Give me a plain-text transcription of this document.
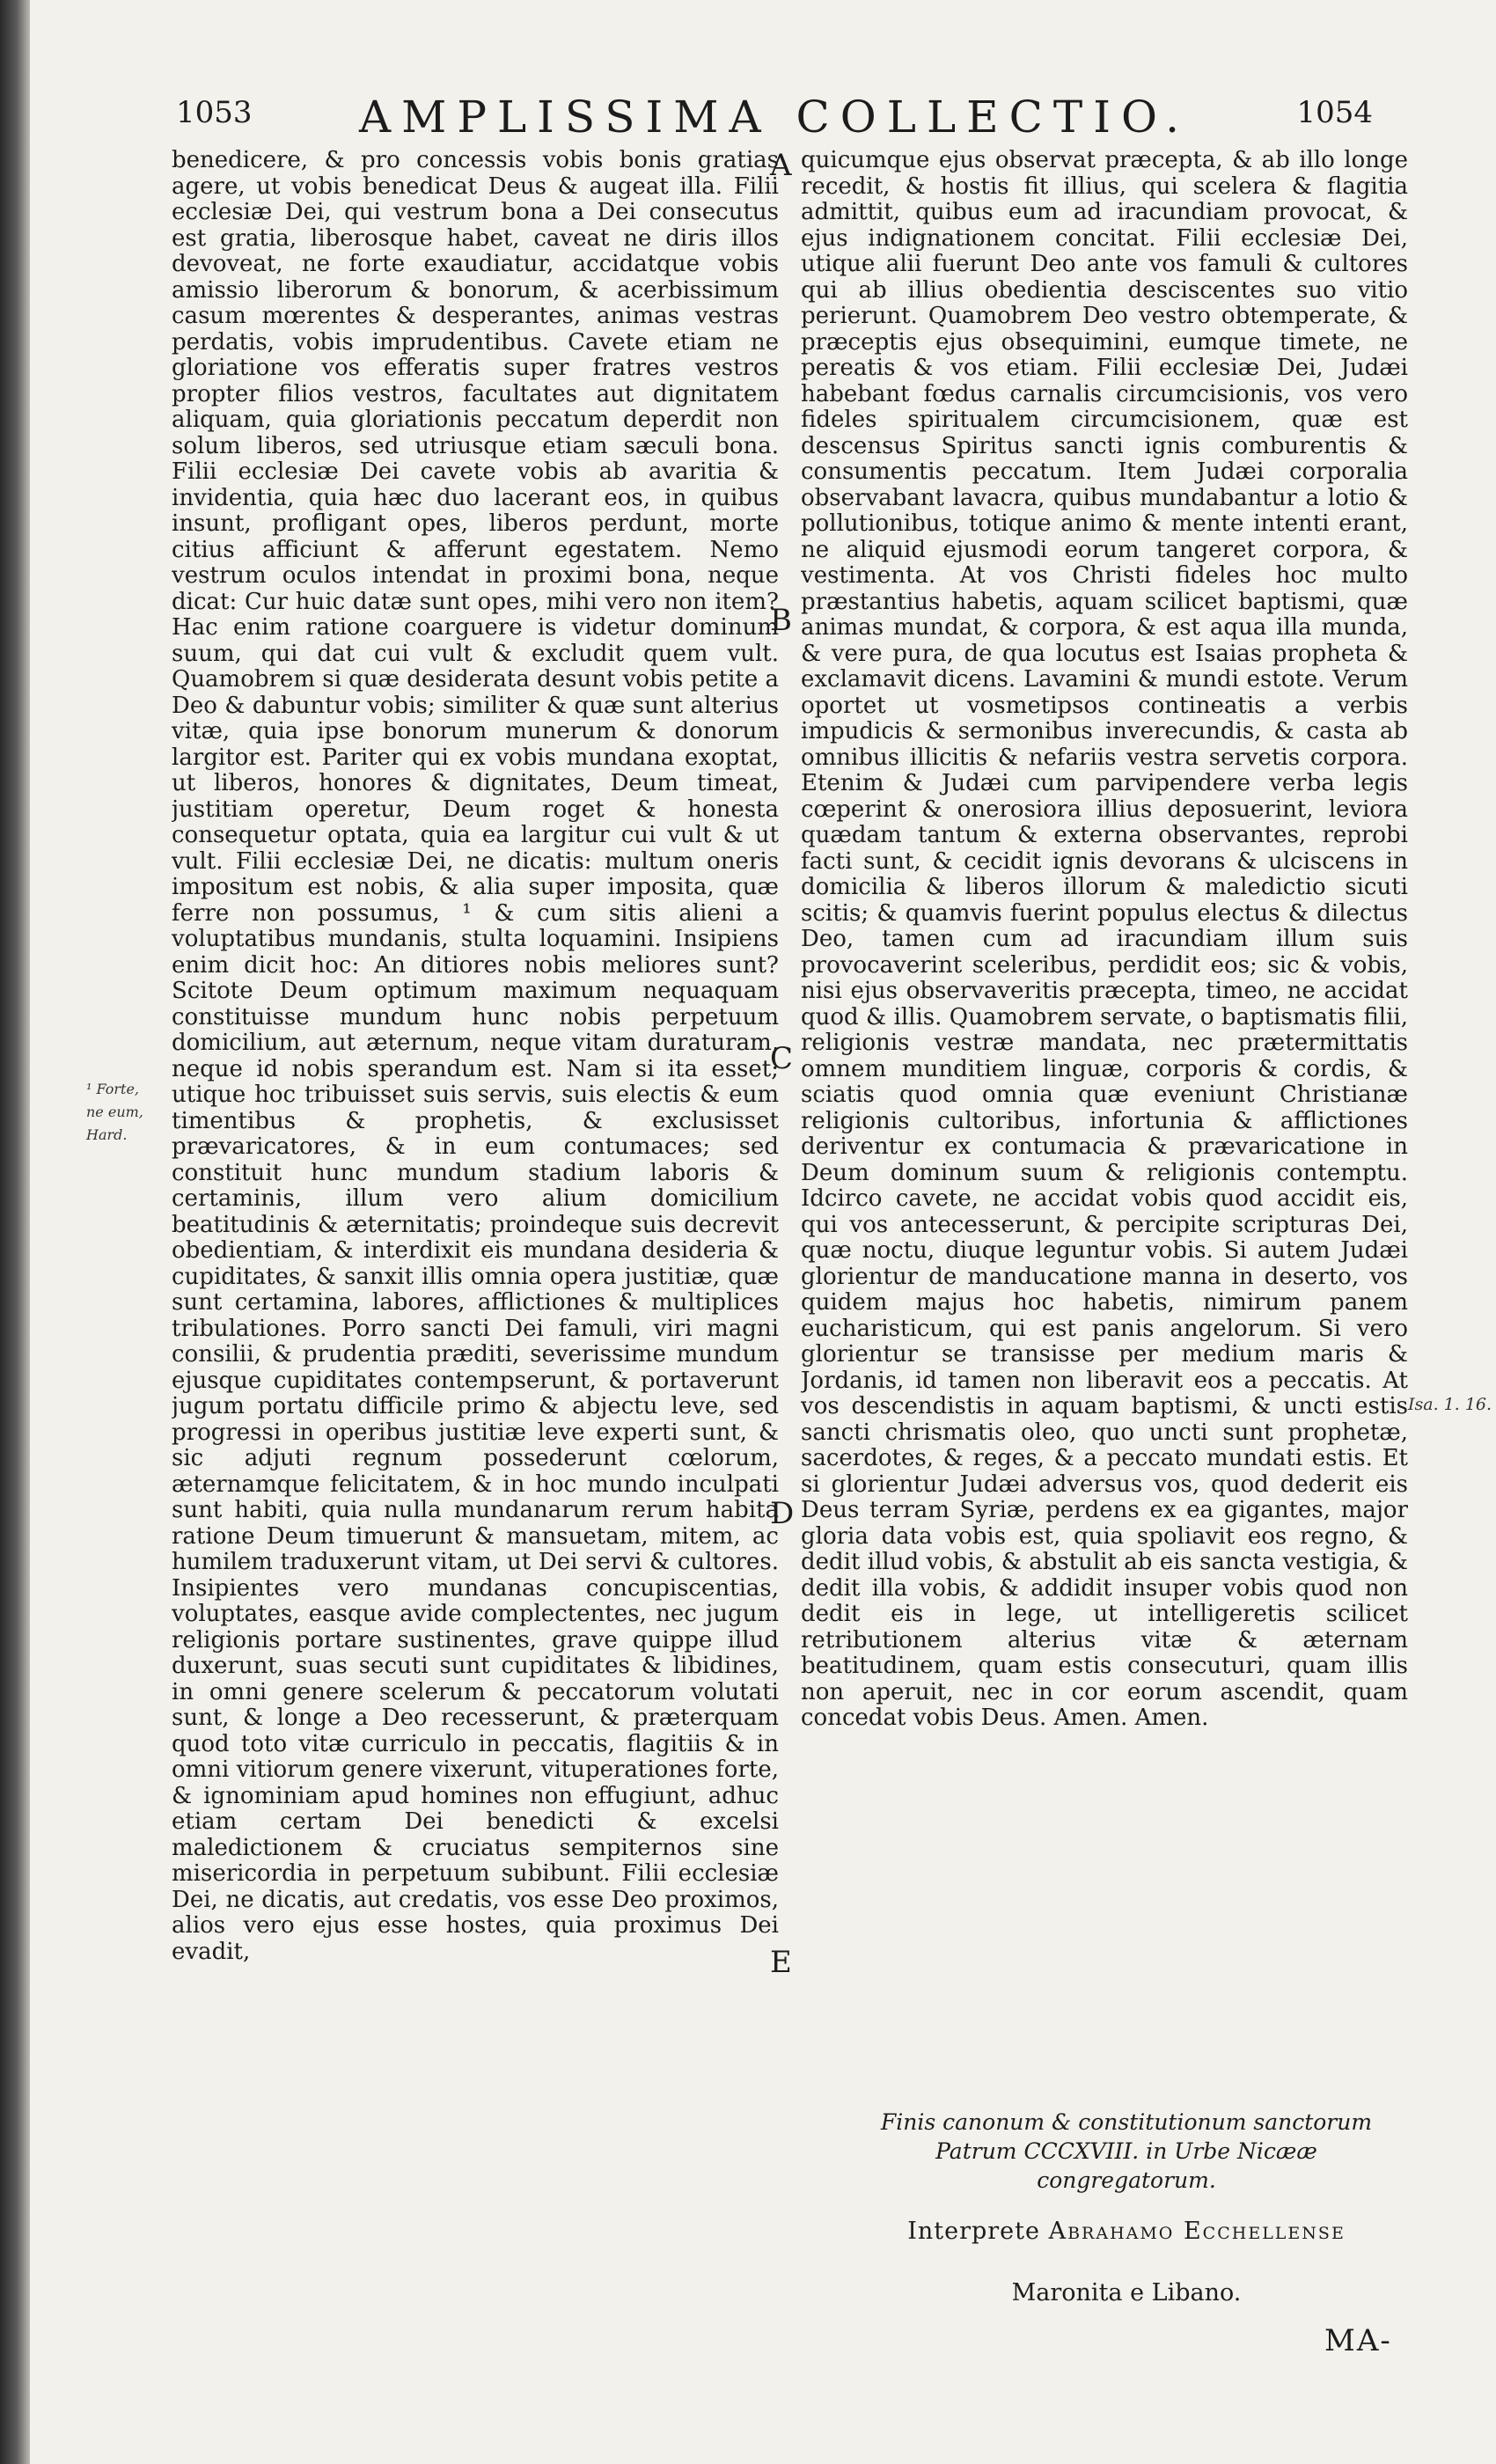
1053	AMPLISSIMA COLLECTIO.	1054
benedicere, & pro concessis vobis bonis gratias agere, ut vobis benedicat Deus & augeat illa. Filii ecclesiæ Dei, qui vestrum bona a Dei consecutus est gratia, liberosque habet, caveat ne diris illos devoveat, ne forte exaudiatur, accidatque vobis amissio liberorum & bonorum, & acerbissimum casum mœrentes & desperantes, animas vestras perdatis, vobis imprudentibus. Cavete etiam ne gloriatione vos efferatis super fratres vestros propter filios vestros, facultates aut dignitatem aliquam, quia gloriationis peccatum deperdit non solum liberos, sed utriusque etiam sæculi bona. Filii ecclesiæ Dei cavete vobis ab avaritia & invidentia, quia hæc duo lacerant eos, in quibus insunt, profligant opes, liberos perdunt, morte citius afficiunt & afferunt egestatem. Nemo vestrum oculos intendat in proximi bona, neque dicat: Cur huic datæ sunt opes, mihi vero non item? Hac enim ratione coarguere is videtur dominum suum, qui dat cui vult & excludit quem vult. Quamobrem si quæ desiderata desunt vobis petite a Deo & dabuntur vobis; similiter & quæ sunt alterius vitæ, quia ipse bonorum munerum & donorum largitor est. Pariter qui ex vobis mundana exoptat, ut liberos, honores & dignitates, Deum timeat, justitiam operetur, Deum roget & honesta consequetur optata, quia ea largitur cui vult & ut vult. Filii ecclesiæ Dei, ne dicatis: multum oneris impositum est nobis, & alia super imposita, quæ ferre non possumus, ¹ & cum sitis alieni a voluptatibus mundanis, stulta loquamini. Insipiens enim dicit hoc: An ditiores nobis meliores sunt? Scitote Deum optimum maximum nequaquam constituisse mundum hunc nobis perpetuum domicilium, aut æternum, neque vitam duraturam, neque id nobis sperandum est. Nam si ita esset; utique hoc tribuisset suis servis, suis electis & eum timentibus & prophetis, & exclusisset prævaricatores, & in eum contumaces; sed constituit hunc mundum stadium laboris & certaminis, illum vero alium domicilium beatitudinis & æternitatis; proindeque suis decrevit obedientiam, & interdixit eis mundana desideria & cupiditates, & sanxit illis omnia opera justitiæ, quæ sunt certamina, labores, afflictiones & multiplices tribulationes. Porro sancti Dei famuli, viri magni consilii, & prudentia præditi, severissime mundum ejusque cupiditates contempserunt, & portaverunt jugum portatu difficile primo & abjectu leve, sed progressi in operibus justitiæ leve experti sunt, & sic adjuti regnum possederunt cœlorum, æternamque felicitatem, & in hoc mundo inculpati sunt habiti, quia nulla mundanarum rerum habita ratione Deum timuerunt & mansuetam, mitem, ac humilem traduxerunt vitam, ut Dei servi & cultores. Insipientes vero mundanas concupiscentias, voluptates, easque avide complectentes, nec jugum religionis portare sustinentes, grave quippe illud duxerunt, suas secuti sunt cupiditates & libidines, in omni genere scelerum & peccatorum volutati sunt, & longe a Deo recesserunt, & præterquam quod toto vitæ curriculo in peccatis, flagitiis & in omni vitiorum genere vixerunt, vituperationes forte, & ignominiam apud homines non effugiunt, adhuc etiam certam Dei benedicti & excelsi maledictionem & cruciatus sempiternos sine misericordia in perpetuum subibunt. Filii ecclesiæ Dei, ne dicatis, aut credatis, vos esse Deo proximos, alios vero ejus esse hostes, quia proximus Dei evadit,
quicumque ejus observat præcepta, & ab illo longe recedit, & hostis fit illius, qui scelera & flagitia admittit, quibus eum ad iracundiam provocat, & ejus indignationem concitat. Filii ecclesiæ Dei, utique alii fuerunt Deo ante vos famuli & cultores qui ab illius obedientia desciscentes suo vitio perierunt. Quamobrem Deo vestro obtemperate, & præceptis ejus obsequimini, eumque timete, ne pereatis & vos etiam. Filii ecclesiæ Dei, Judæi habebant fœdus carnalis circumcisionis, vos vero fideles spiritualem circumcisionem, quæ est descensus Spiritus sancti ignis comburentis & consumentis peccatum. Item Judæi corporalia observabant lavacra, quibus mundabantur a lotio & pollutionibus, totique animo & mente intenti erant, ne aliquid ejusmodi eorum tangeret corpora, & vestimenta. At vos Christi fideles hoc multo præstantius habetis, aquam scilicet baptismi, quæ animas mundat, & corpora, & est aqua illa munda, & vere pura, de qua locutus est Isaias propheta & exclamavit dicens. Lavamini & mundi estote. Verum oportet ut vosmetipsos contineatis a verbis impudicis & sermonibus inverecundis, & casta ab omnibus illicitis & nefariis vestra servetis corpora. Etenim & Judæi cum parvipendere verba legis cœperint & onerosiora illius deposuerint, leviora quædam tantum & externa observantes, reprobi facti sunt, & cecidit ignis devorans & ulciscens in domicilia & liberos illorum & maledictio sicuti scitis; & quamvis fuerint populus electus & dilectus Deo, tamen cum ad iracundiam illum suis provocaverint sceleribus, perdidit eos; sic & vobis, nisi ejus observaveritis præcepta, timeo, ne accidat quod & illis. Quamobrem servate, o baptismatis filii, religionis vestræ mandata, nec prætermittatis omnem munditiem linguæ, corporis & cordis, & sciatis quod omnia quæ eveniunt Christianæ religionis cultoribus, infortunia & afflictiones deriventur ex contumacia & prævaricatione in Deum dominum suum & religionis contemptu. Idcirco cavete, ne accidat vobis quod accidit eis, qui vos antecesserunt, & percipite scripturas Dei, quæ noctu, diuque leguntur vobis. Si autem Judæi glorientur de manducatione manna in deserto, vos quidem majus hoc habetis, nimirum panem eucharisticum, qui est panis angelorum. Si vero glorientur se transisse per medium maris & Jordanis, id tamen non liberavit eos a peccatis. At vos descendistis in aquam baptismi, & uncti estis sancti chrismatis oleo, quo uncti sunt prophetæ, sacerdotes, & reges, & a peccato mundati estis. Et si glorientur Judæi adversus vos, quod dederit eis Deus terram Syriæ, perdens ex ea gigantes, major gloria data vobis est, quia spoliavit eos regno, & dedit illud vobis, & abstulit ab eis sancta vestigia, & dedit illa vobis, & addidit insuper vobis quod non dedit eis in lege, ut intelligeretis scilicet retributionem alterius vitæ & æternam beatitudinem, quam estis consecuturi, quam illis non aperuit, nec in cor eorum ascendit, quam concedat vobis Deus. Amen. Amen.
A
B
C
D
E
¹ Forte, ne eum, Hard.
Isa. 1. 16.
Finis canonum & constitutionum sanctorum Patrum CCCXVIII. in Urbe Nicææ congregatorum.
Interprete Abrahamo Ecchellense
Maronita e Libano.
MA-
